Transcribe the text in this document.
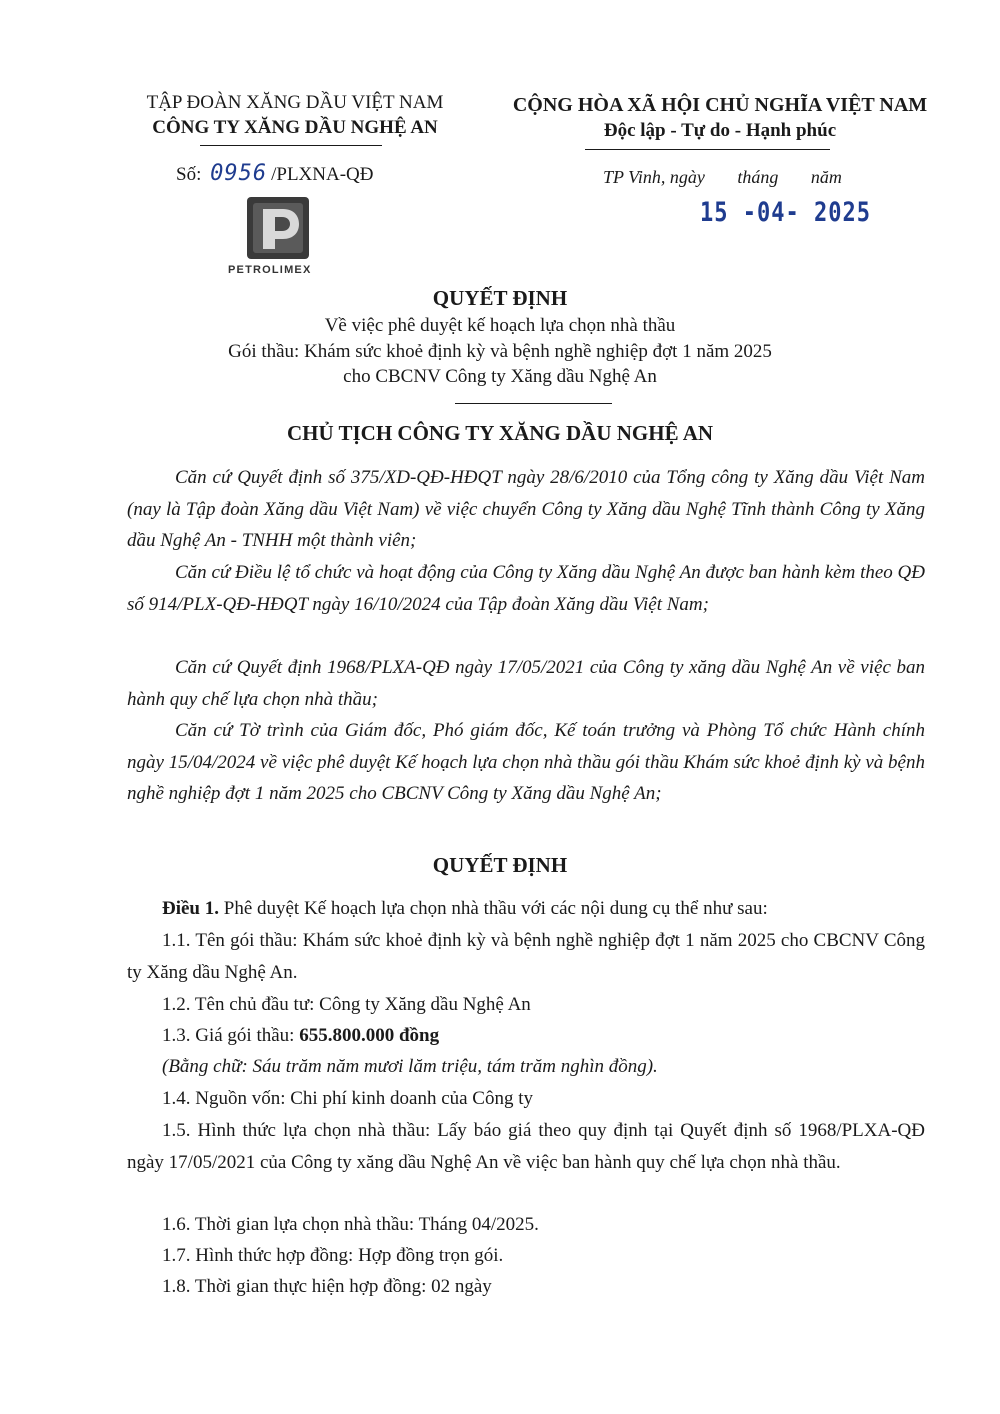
TẬP ĐOÀN XĂNG DẦU VIỆT NAM
CÔNG TY XĂNG DẦU NGHỆ AN
CỘNG HÒA XÃ HỘI CHỦ NGHĨA VIỆT NAM
Độc lập - Tự do - Hạnh phúc
Số: 0956 /PLXNA-QĐ	TP Vinh, ngày tháng năm
15 -04- 2025
PETROLIMEX
QUYẾT ĐỊNH
Về việc phê duyệt kế hoạch lựa chọn nhà thầu
Gói thầu: Khám sức khoẻ định kỳ và bệnh nghề nghiệp đợt 1 năm 2025
cho CBCNV Công ty Xăng dầu Nghệ An
CHỦ TỊCH CÔNG TY XĂNG DẦU NGHỆ AN
Căn cứ Quyết định số 375/XD-QĐ-HĐQT ngày 28/6/2010 của Tổng công ty Xăng dầu Việt Nam (nay là Tập đoàn Xăng dầu Việt Nam) về việc chuyển Công ty Xăng dầu Nghệ Tĩnh thành Công ty Xăng dầu Nghệ An - TNHH một thành viên;
Căn cứ Điều lệ tổ chức và hoạt động của Công ty Xăng dầu Nghệ An được ban hành kèm theo QĐ số 914/PLX-QĐ-HĐQT ngày 16/10/2024 của Tập đoàn Xăng dầu Việt Nam;
Căn cứ Quyết định 1968/PLXA-QĐ ngày 17/05/2021 của Công ty xăng dầu Nghệ An về việc ban hành quy chế lựa chọn nhà thầu;
Căn cứ Tờ trình của Giám đốc, Phó giám đốc, Kế toán trưởng và Phòng Tổ chức Hành chính ngày 15/04/2024 về việc phê duyệt Kế hoạch lựa chọn nhà thầu gói thầu Khám sức khoẻ định kỳ và bệnh nghề nghiệp đợt 1 năm 2025 cho CBCNV Công ty Xăng dầu Nghệ An;
QUYẾT ĐỊNH
Điều 1. Phê duyệt Kế hoạch lựa chọn nhà thầu với các nội dung cụ thể như sau:
1.1. Tên gói thầu: Khám sức khoẻ định kỳ và bệnh nghề nghiệp đợt 1 năm 2025 cho CBCNV Công ty Xăng dầu Nghệ An.
1.2. Tên chủ đầu tư: Công ty Xăng dầu Nghệ An
1.3. Giá gói thầu: 655.800.000 đồng
(Bằng chữ: Sáu trăm năm mươi lăm triệu, tám trăm nghìn đồng).
1.4. Nguồn vốn: Chi phí kinh doanh của Công ty
1.5. Hình thức lựa chọn nhà thầu: Lấy báo giá theo quy định tại Quyết định số 1968/PLXA-QĐ ngày 17/05/2021 của Công ty xăng dầu Nghệ An về việc ban hành quy chế lựa chọn nhà thầu.
1.6. Thời gian lựa chọn nhà thầu: Tháng 04/2025.
1.7. Hình thức hợp đồng: Hợp đồng trọn gói.
1.8. Thời gian thực hiện hợp đồng: 02 ngày
